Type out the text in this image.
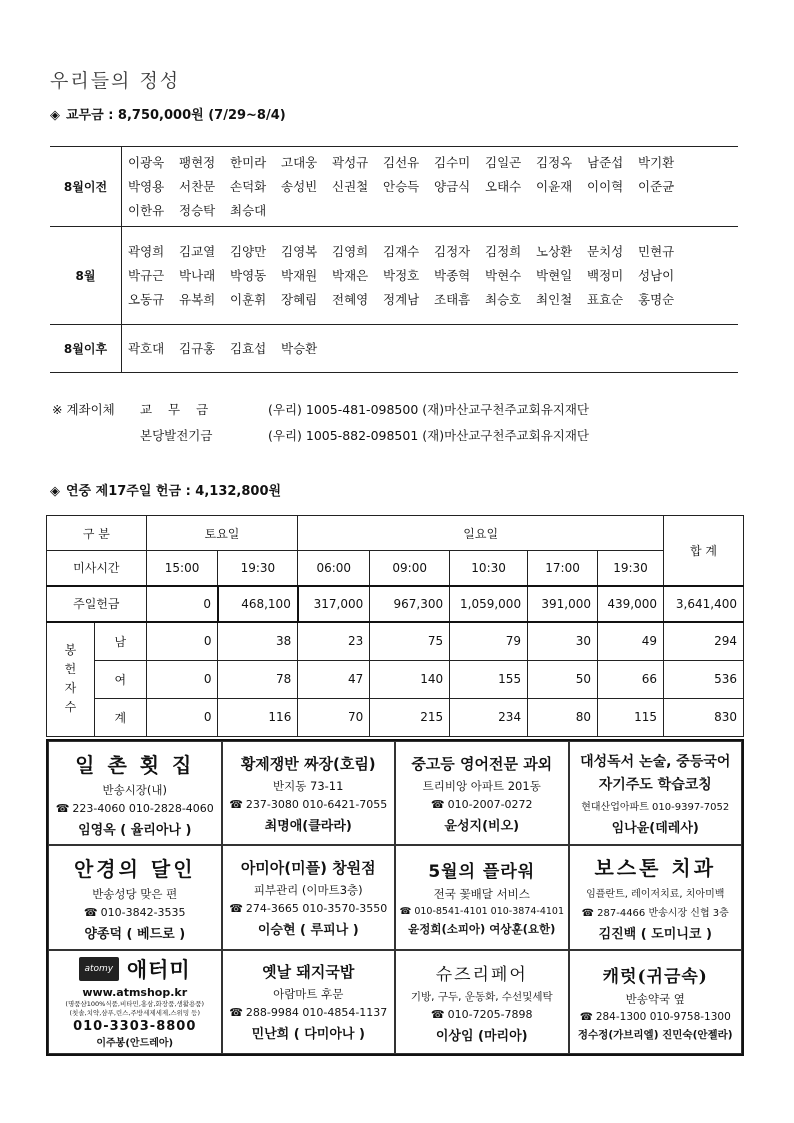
우리들의 정성
◈ 교무금 : 8,750,000원 (7/29~8/4)
8월이전
이광욱	팽현정	한미라	고대웅	곽성규	김선유	김수미	김일곤	김정옥	남준섭	박기환
박영용	서찬문	손덕화	송성빈	신권철	안승득	양금식	오태수	이윤재	이이혁	이준균
이한유	정승탁	최승대
8월
곽영희	김교열	김양만	김영복	김영희	김재수	김정자	김정희	노상환	문치성	민현규
박규근	박나래	박영동	박재원	박재은	박정호	박종혁	박현수	박현일	백정미	성남이
오동규	유복희	이훈휘	장혜림	전혜영	정계남	조태흠	최승호	최인철	표효순	홍명순
8월이후	곽호대	김규홍	김효섭	박승환
※ 계좌이체 교 무 금	(우리) 1005-481-098500 (재)마산교구천주교회유지재단
본당발전기금	(우리) 1005-882-098501 (재)마산교구천주교회유지재단
◈ 연중 제17주일 헌금 : 4,132,800원
구 분		토요일		일요일					합 계
미사시간		15:00	19:30	06:00	09:00	10:30	17:00	19:30	
주일헌금		0	468,100	317,000	967,300	1,059,000	391,000	439,000	3,641,400

봉
헌
자
수	남	0	38	23	75	79	30	49	294
	여	0	78	47	140	155	50	66	536
	계	0	116	70	215	234	80	115	830
일 촌 횟 집
반송시장(내)
☎ 223-4060 010-2828-4060
임영옥 ( 율리아나 )
황제쟁반 짜장(호림)
반지동 73-11
☎ 237-3080 010-6421-7055
최명애(클라라)
중고등 영어전문 과외
트리비앙 아파트 201동
☎ 010-2007-0272
윤성지(비오)
대성독서 논술, 중등국어
자기주도 학습코칭
현대산업아파트 010-9397-7052
임나윤(데레사)
안경의 달인
반송성당 맞은 편
☎ 010-3842-3535
양종덕 ( 베드로 )
아미아(미플) 창원점
피부관리 (이마트3층)
☎ 274-3665 010-3570-3550
이승현 ( 루피나 )
5월의 플라워
전국 꽃배달 서비스
☎ 010-8541-4101 010-3874-4101
윤정희(소피아) 여상훈(요한)
보스톤 치과
임플란트, 레이저치료, 치아미백
☎ 287-4466 반송시장 신협 3층
김진백 ( 도미니코 )
atomy 애터미
www.atmshop.kr
(명품샴100%식품,비타민,홍삼,화장품,생활용품)
(칫솔,치약,샴푸,린스,주방세제세제,스위밍 등)
010-3303-8800
이주봉(안드레아)
옛날 돼지국밥
아람마트 후문
☎ 288-9984 010-4854-1137
민난희 ( 다미아나 )
슈즈리페어
기방, 구두, 운동화, 수선및세탁
☎ 010-7205-7898
이상임 (마리아)
캐럿(귀금속)
반송약국 옆
☎ 284-1300 010-9758-1300
정수정(가브리엘) 진민숙(안젤라)
